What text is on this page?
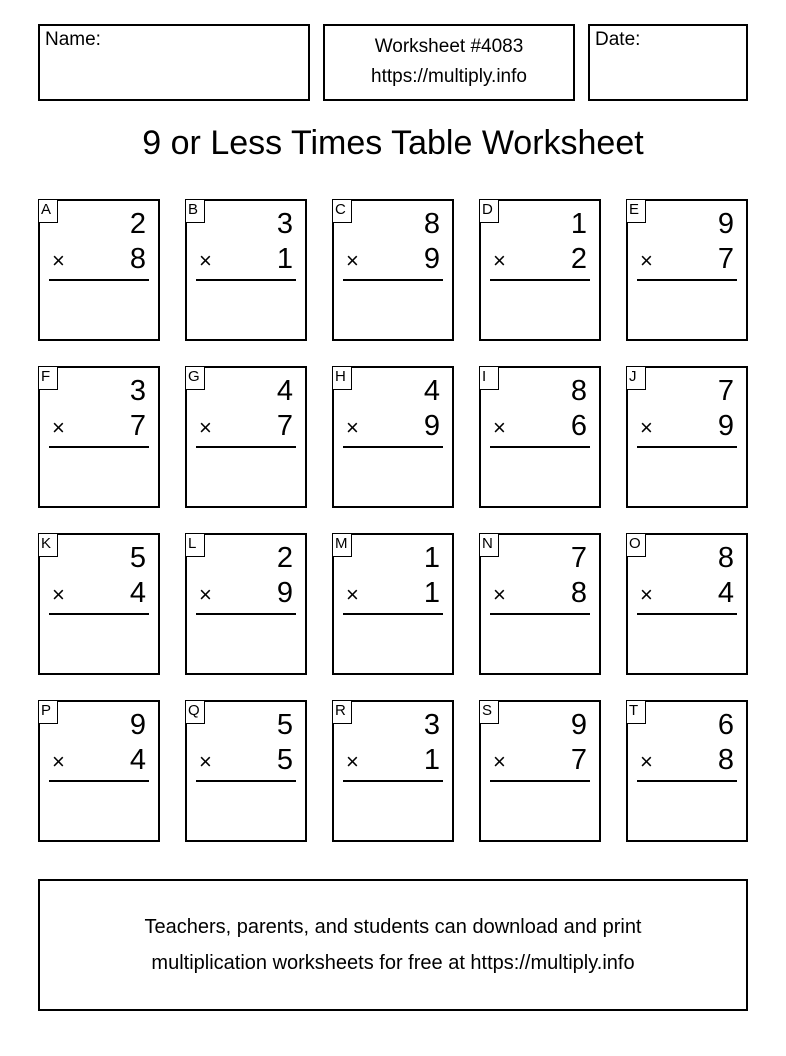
Name:	Worksheet #4083
https://multiply.info
Date:
9 or Less Times Table Worksheet
A	2
× 8
B	3
× 1
C	8
× 9
D	1
× 2
E	9
× 7
F	3
× 7
G	4
× 7
H	4
× 9
I	8
× 6
J	7
× 9
K	5
× 4
L	2
× 9
M	1
× 1
N	7
× 8
O	8
× 4
P	9
× 4
Q	5
× 5
R	3
× 1
S	9
× 7
T	6
× 8
Teachers, parents, and students can download and print
multiplication worksheets for free at https://multiply.info
